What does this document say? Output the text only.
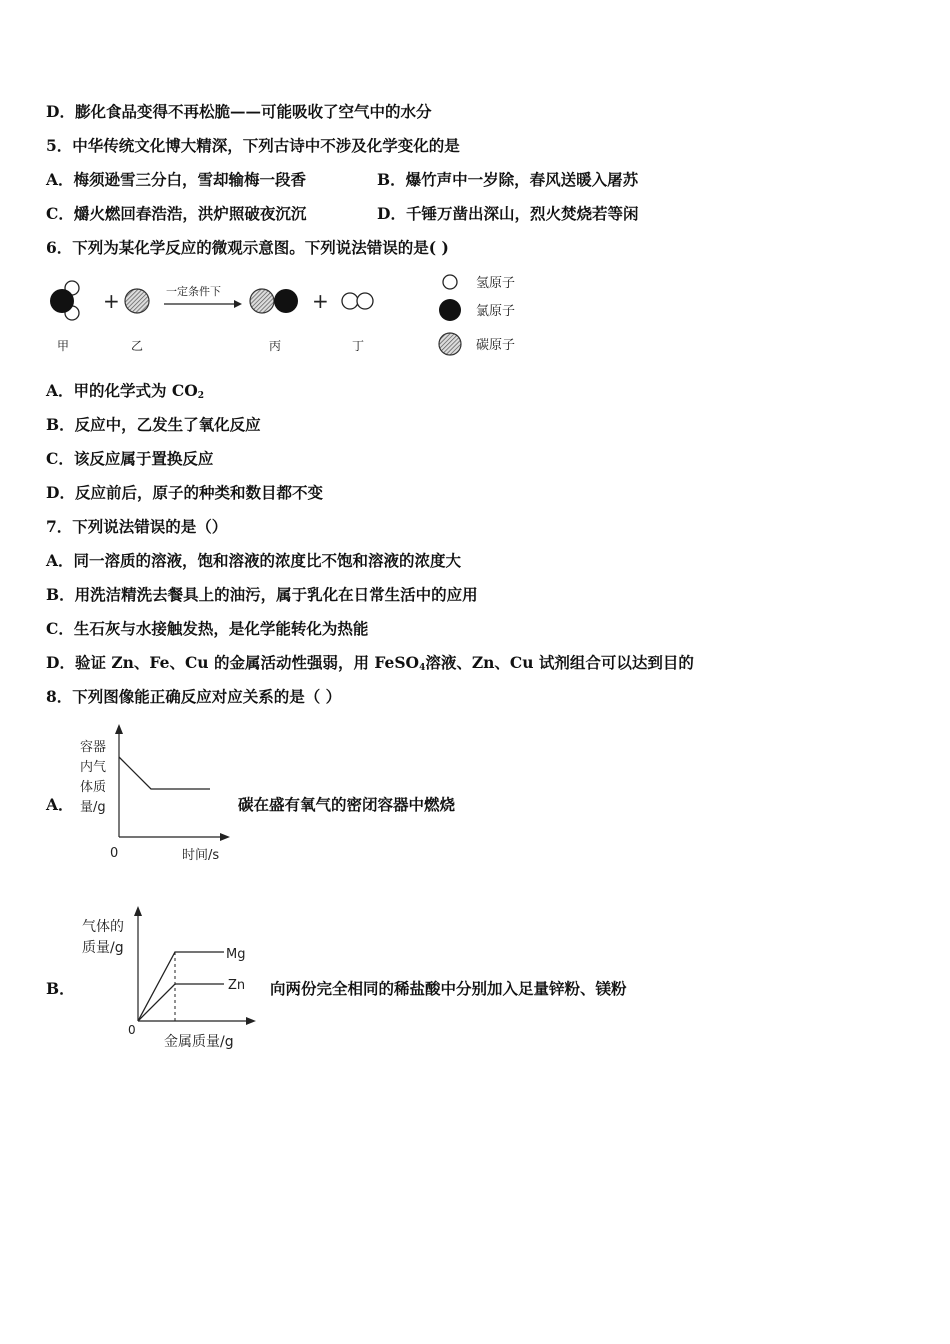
D．膨化食品变得不再松脆——可能吸收了空气中的水分
5．中华传统文化博大精深，下列古诗中不涉及化学变化的是
A．梅须逊雪三分白，雪却输梅一段香	B．爆竹声中一岁除，春风送暖入屠苏
C．爝火燃回春浩浩，洪炉照破夜沉沉	D．千锤万凿出深山，烈火焚烧若等闲
6．下列为某化学反应的微观示意图。下列说法错误的是( )
+	一定条件下	+
甲	乙	丙	丁
氢原子
氯原子
碳原子
A．甲的化学式为 $CO_2$
B．反应中，乙发生了氧化反应
C．该反应属于置换反应
D．反应前后，原子的种类和数目都不变
7．下列说法错误的是（）
A．同一溶质的溶液，饱和溶液的浓度比不饱和溶液的浓度大
B．用洗洁精洗去餐具上的油污，属于乳化在日常生活中的应用
C．生石灰与水接触发热，是化学能转化为热能
D．验证 Zn、Fe、Cu 的金属活动性强弱，用 FeSO$_4$溶液、Zn、Cu 试剂组合可以达到目的
8．下列图像能正确反应对应关系的是（ ）
A．
容器
内气
体质
量/g
0	时间/s
碳在盛有氧气的密闭容器中燃烧
B．
Mg
Zn
气体的
质量/g
0
金属质量/g
向两份完全相同的稀盐酸中分别加入足量锌粉、镁粉
